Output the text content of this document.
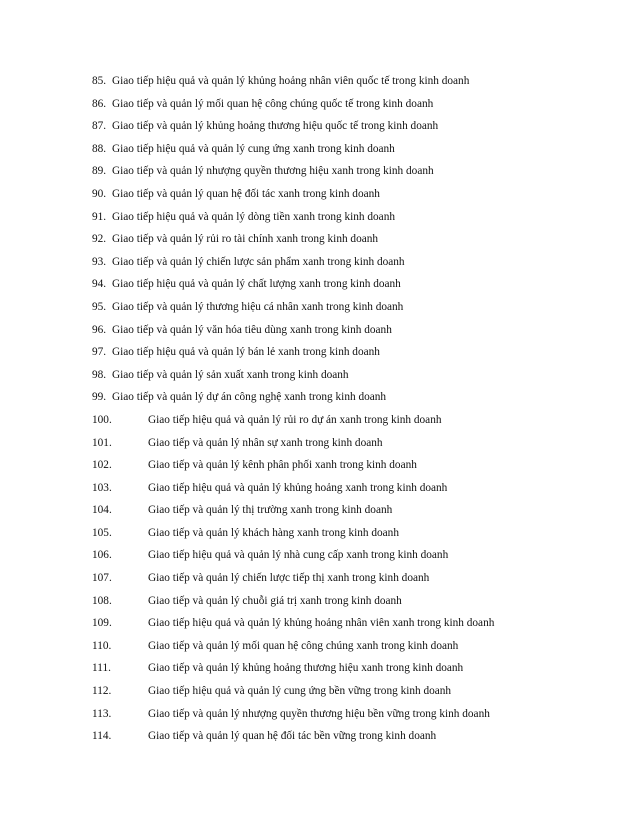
85. Giao tiếp hiệu quả và quản lý khủng hoảng nhân viên quốc tế trong kinh doanh
86. Giao tiếp và quản lý mối quan hệ công chúng quốc tế trong kinh doanh
87. Giao tiếp và quản lý khủng hoảng thương hiệu quốc tế trong kinh doanh
88. Giao tiếp hiệu quả và quản lý cung ứng xanh trong kinh doanh
89. Giao tiếp và quản lý nhượng quyền thương hiệu xanh trong kinh doanh
90. Giao tiếp và quản lý quan hệ đối tác xanh trong kinh doanh
91. Giao tiếp hiệu quả và quản lý dòng tiền xanh trong kinh doanh
92. Giao tiếp và quản lý rủi ro tài chính xanh trong kinh doanh
93. Giao tiếp và quản lý chiến lược sản phẩm xanh trong kinh doanh
94. Giao tiếp hiệu quả và quản lý chất lượng xanh trong kinh doanh
95. Giao tiếp và quản lý thương hiệu cá nhân xanh trong kinh doanh
96. Giao tiếp và quản lý văn hóa tiêu dùng xanh trong kinh doanh
97. Giao tiếp hiệu quả và quản lý bán lẻ xanh trong kinh doanh
98. Giao tiếp và quản lý sản xuất xanh trong kinh doanh
99. Giao tiếp và quản lý dự án công nghệ xanh trong kinh doanh
100.	Giao tiếp hiệu quả và quản lý rủi ro dự án xanh trong kinh doanh
101.	Giao tiếp và quản lý nhân sự xanh trong kinh doanh
102.	Giao tiếp và quản lý kênh phân phối xanh trong kinh doanh
103.	Giao tiếp hiệu quả và quản lý khủng hoảng xanh trong kinh doanh
104.	Giao tiếp và quản lý thị trường xanh trong kinh doanh
105.	Giao tiếp và quản lý khách hàng xanh trong kinh doanh
106.	Giao tiếp hiệu quả và quản lý nhà cung cấp xanh trong kinh doanh
107.	Giao tiếp và quản lý chiến lược tiếp thị xanh trong kinh doanh
108.	Giao tiếp và quản lý chuỗi giá trị xanh trong kinh doanh
109.	Giao tiếp hiệu quả và quản lý khủng hoảng nhân viên xanh trong kinh doanh
110.	Giao tiếp và quản lý mối quan hệ công chúng xanh trong kinh doanh
111.	Giao tiếp và quản lý khủng hoảng thương hiệu xanh trong kinh doanh
112.	Giao tiếp hiệu quả và quản lý cung ứng bền vững trong kinh doanh
113.	Giao tiếp và quản lý nhượng quyền thương hiệu bền vững trong kinh doanh
114.	Giao tiếp và quản lý quan hệ đối tác bền vững trong kinh doanh
